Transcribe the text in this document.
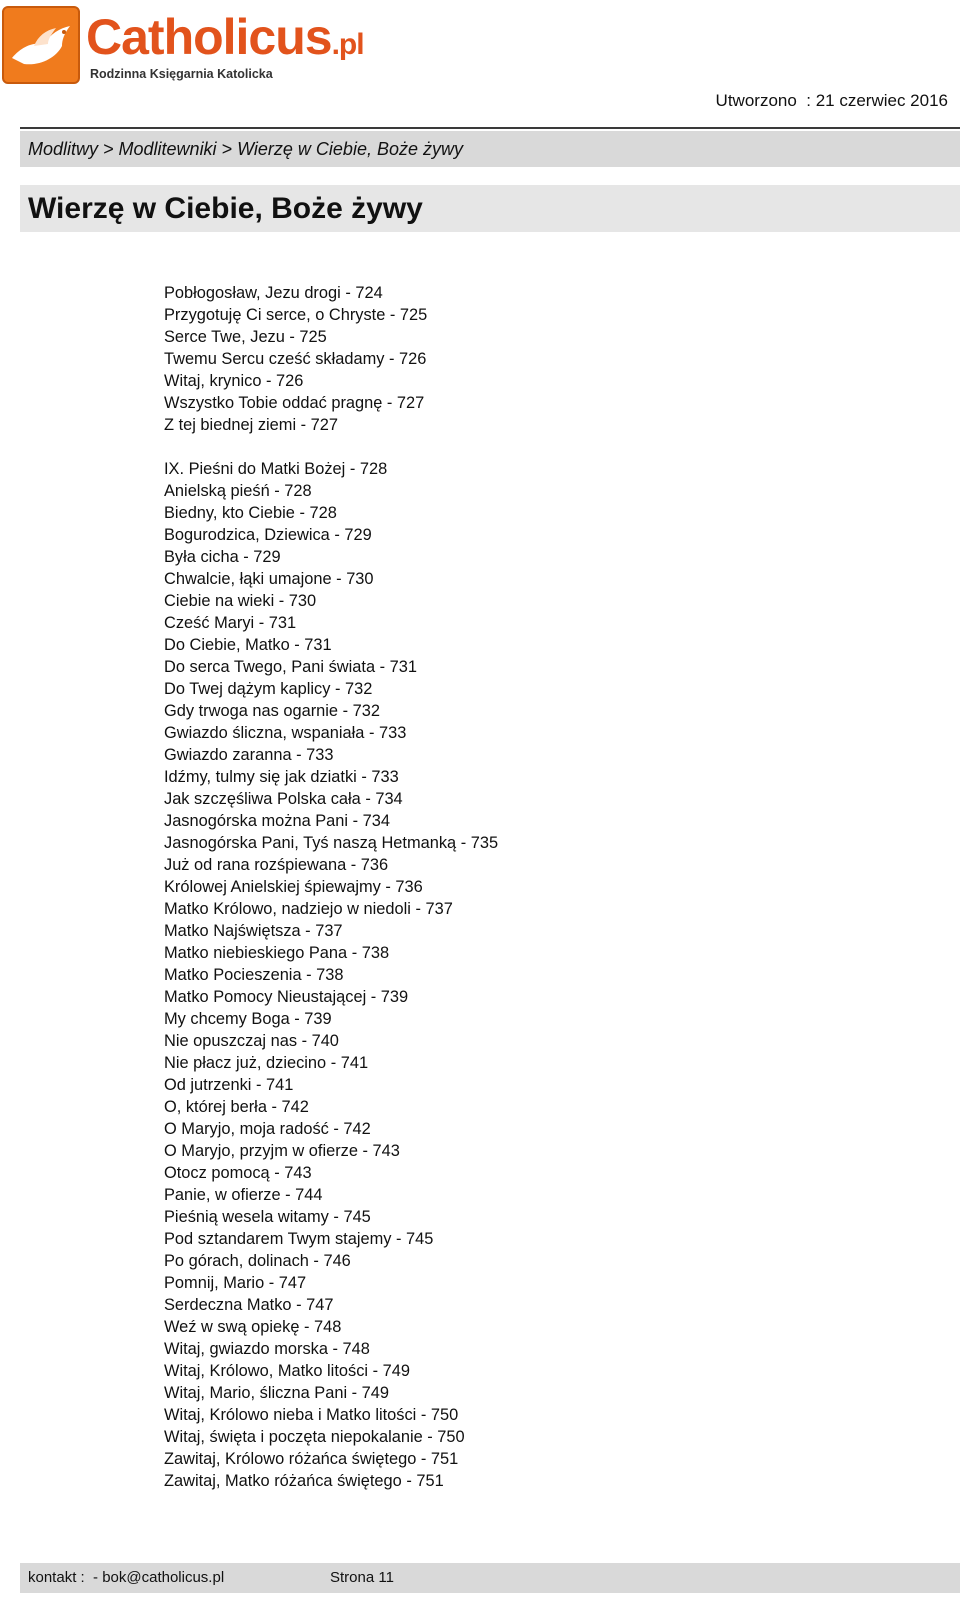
Catholicus.pl
Rodzinna Księgarnia Katolicka
Utworzono  : 21 czerwiec 2016
Modlitwy > Modlitewniki > Wierzę w Ciebie, Boże żywy
Wierzę w Ciebie, Boże żywy
Pobłogosław, Jezu drogi - 724
Przygotuję Ci serce, o Chryste - 725
Serce Twe, Jezu - 725
Twemu Sercu cześć składamy - 726
Witaj, krynico - 726
Wszystko Tobie oddać pragnę - 727
Z tej biednej ziemi - 727
IX. Pieśni do Matki Bożej - 728
Anielską pieśń - 728
Biedny, kto Ciebie - 728
Bogurodzica, Dziewica - 729
Była cicha - 729
Chwalcie, łąki umajone - 730
Ciebie na wieki - 730
Cześć Maryi - 731
Do Ciebie, Matko - 731
Do serca Twego, Pani świata - 731
Do Twej dążym kaplicy - 732
Gdy trwoga nas ogarnie - 732
Gwiazdo śliczna, wspaniała - 733
Gwiazdo zaranna - 733
Idźmy, tulmy się jak dziatki - 733
Jak szczęśliwa Polska cała - 734
Jasnogórska można Pani - 734
Jasnogórska Pani, Tyś naszą Hetmanką - 735
Już od rana rozśpiewana - 736
Królowej Anielskiej śpiewajmy - 736
Matko Królowo, nadziejo w niedoli - 737
Matko Najświętsza - 737
Matko niebieskiego Pana - 738
Matko Pocieszenia - 738
Matko Pomocy Nieustającej - 739
My chcemy Boga - 739
Nie opuszczaj nas - 740
Nie płacz już, dziecino - 741
Od jutrzenki - 741
O, której berła - 742
O Maryjo, moja radość - 742
O Maryjo, przyjm w ofierze - 743
Otocz pomocą - 743
Panie, w ofierze - 744
Pieśnią wesela witamy - 745
Pod sztandarem Twym stajemy - 745
Po górach, dolinach - 746
Pomnij, Mario - 747
Serdeczna Matko - 747
Weź w swą opiekę - 748
Witaj, gwiazdo morska - 748
Witaj, Królowo, Matko litości - 749
Witaj, Mario, śliczna Pani - 749
Witaj, Królowo nieba i Matko litości - 750
Witaj, święta i poczęta niepokalanie - 750
Zawitaj, Królowo różańca świętego - 751
Zawitaj, Matko różańca świętego - 751
kontakt :  - bok@catholicus.pl	Strona 11
